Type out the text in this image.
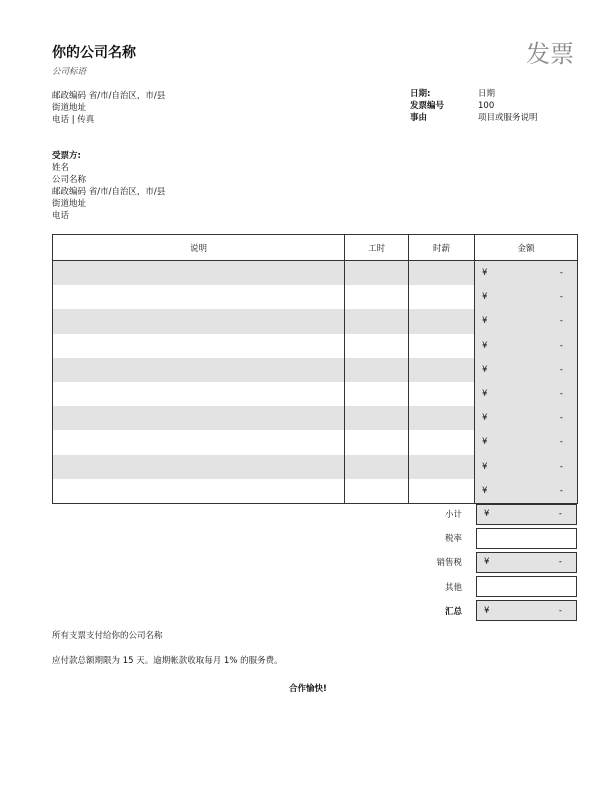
你的公司名称
公司标语
邮政编码 省/市/自治区，市/县
街道地址
电话 | 传真
发票
日期:	日期
发票编号	100
事由	项目或服务说明
受票方:
姓名
公司名称
邮政编码 省/市/自治区，市/县
街道地址
电话
说明	工时	时薪	金额

			¥ -

			¥ -

			¥ -

			¥ -

			¥ -

			¥ -

			¥ -

			¥ -

			¥ -

			¥ -
小计	¥	-
税率
销售税	¥	-
其他
汇总	¥	-
所有支票支付给你的公司名称
应付款总额期限为 15 天。逾期帐款收取每月 1% 的服务费。
合作愉快!
